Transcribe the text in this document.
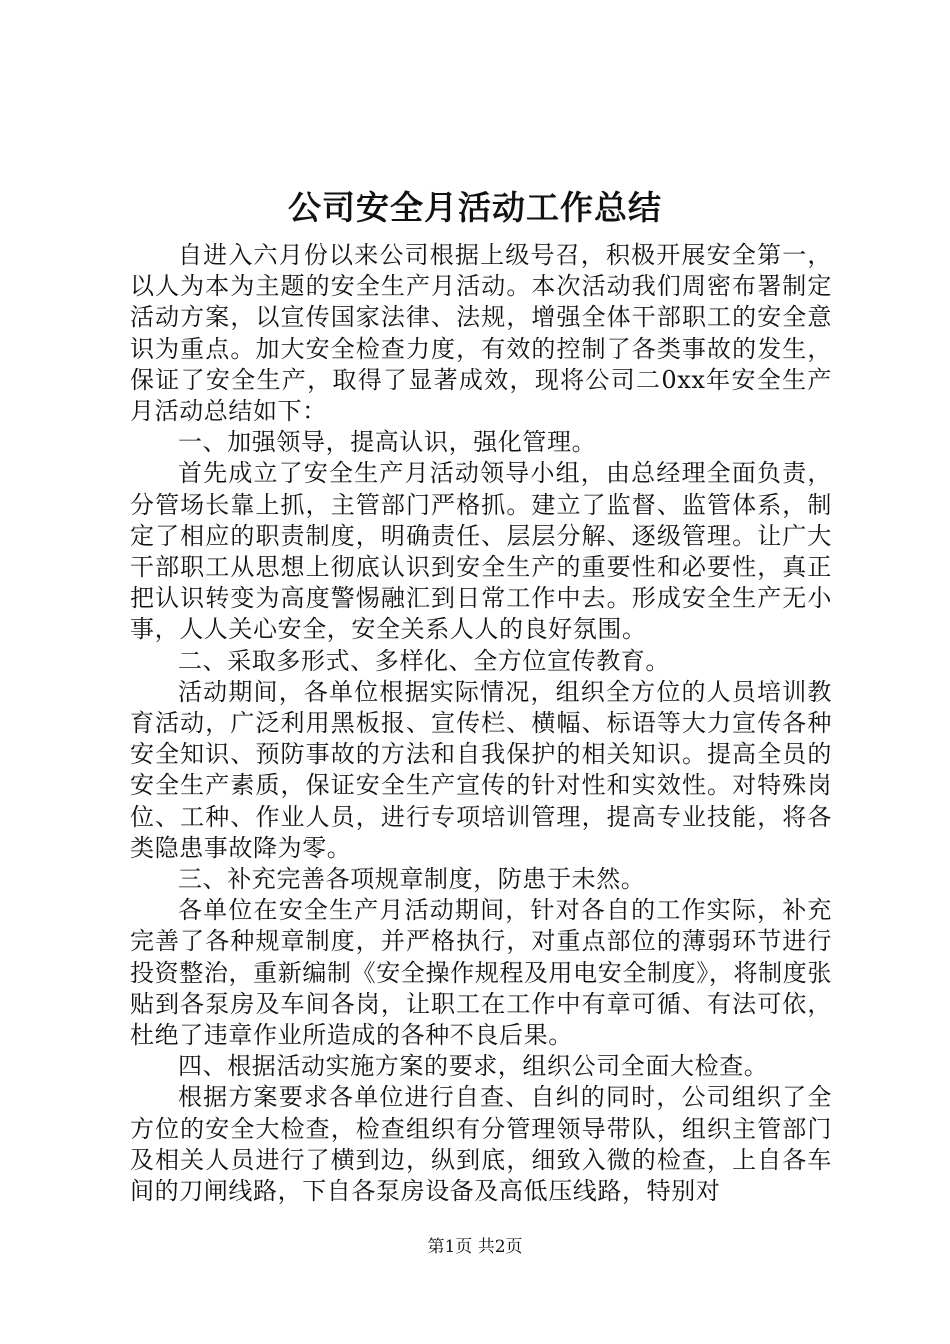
公司安全月活动工作总结

自进入六月份以来公司根据上级号召，积极开展安全第一，以人为本为主题的安全生产月活动。本次活动我们周密布署制定活动方案，以宣传国家法律、法规，增强全体干部职工的安全意识为重点。加大安全检查力度，有效的控制了各类事故的发生，保证了安全生产，取得了显著成效，现将公司二0xx年安全生产月活动总结如下：

一、加强领导，提高认识，强化管理。

首先成立了安全生产月活动领导小组，由总经理全面负责，分管场长靠上抓，主管部门严格抓。建立了监督、监管体系，制定了相应的职责制度，明确责任、层层分解、逐级管理。让广大干部职工从思想上彻底认识到安全生产的重要性和必要性，真正把认识转变为高度警惕融汇到日常工作中去。形成安全生产无小事，人人关心安全，安全关系人人的良好氛围。

二、采取多形式、多样化、全方位宣传教育。

活动期间，各单位根据实际情况，组织全方位的人员培训教育活动，广泛利用黑板报、宣传栏、横幅、标语等大力宣传各种安全知识、预防事故的方法和自我保护的相关知识。提高全员的安全生产素质，保证安全生产宣传的针对性和实效性。对特殊岗位、工种、作业人员，进行专项培训管理，提高专业技能，将各类隐患事故降为零。

三、补充完善各项规章制度，防患于未然。

各单位在安全生产月活动期间，针对各自的工作实际，补充完善了各种规章制度，并严格执行，对重点部位的薄弱环节进行投资整治，重新编制《安全操作规程及用电安全制度》，将制度张贴到各泵房及车间各岗，让职工在工作中有章可循、有法可依，杜绝了违章作业所造成的各种不良后果。

四、根据活动实施方案的要求，组织公司全面大检查。

根据方案要求各单位进行自查、自纠的同时，公司组织了全方位的安全大检查，检查组织有分管理领导带队，组织主管部门及相关人员进行了横到边，纵到底，细致入微的检查，上自各车间的刀闸线路，下自各泵房设备及高低压线路，特别对

第1页 共2页
